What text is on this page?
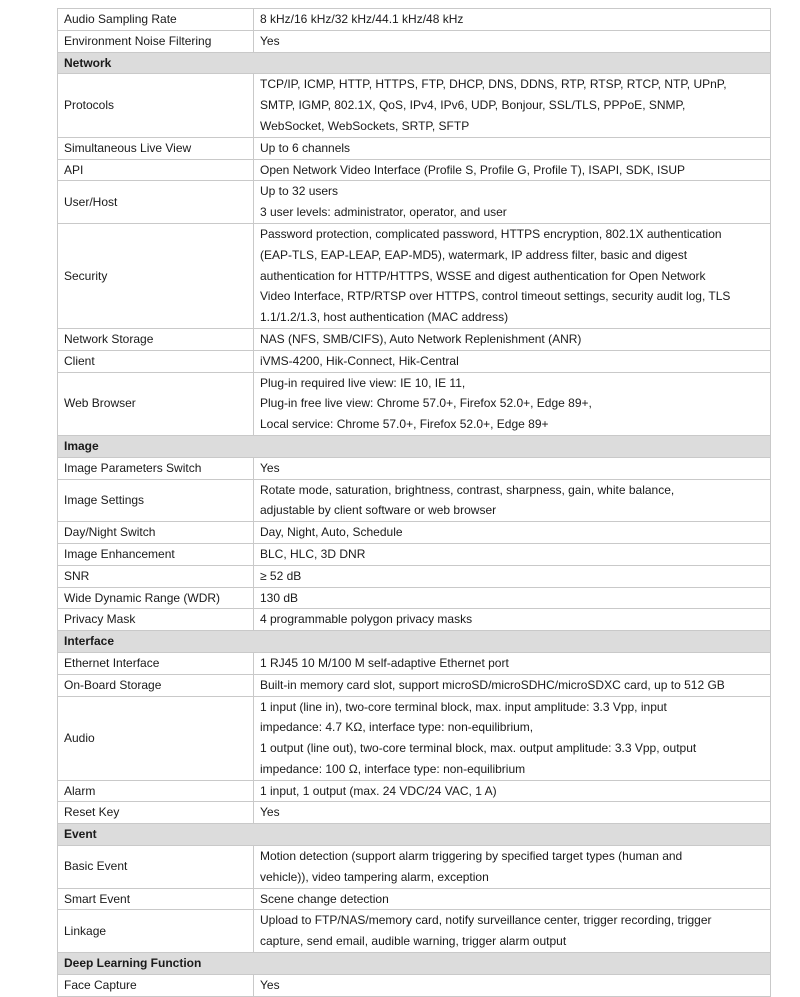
Audio Sampling Rate	8 kHz/16 kHz/32 kHz/44.1 kHz/48 kHz

Environment Noise Filtering	Yes

Network	
Protocols	TCP/IP, ICMP, HTTP, HTTPS, FTP, DHCP, DNS, DDNS, RTP, RTSP, RTCP, NTP, UPnP,
SMTP, IGMP, 802.1X, QoS, IPv4, IPv6, UDP, Bonjour, SSL/TLS, PPPoE, SNMP,
WebSocket, WebSockets, SRTP, SFTP

Simultaneous Live View	Up to 6 channels

API	Open Network Video Interface (Profile S, Profile G, Profile T), ISAPI, SDK, ISUP

User/Host	Up to 32 users
3 user levels: administrator, operator, and user

Security	Password protection, complicated password, HTTPS encryption, 802.1X authentication
(EAP-TLS, EAP-LEAP, EAP-MD5), watermark, IP address filter, basic and digest
authentication for HTTP/HTTPS, WSSE and digest authentication for Open Network
Video Interface, RTP/RTSP over HTTPS, control timeout settings, security audit log, TLS
1.1/1.2/1.3, host authentication (MAC address)

Network Storage	NAS (NFS, SMB/CIFS), Auto Network Replenishment (ANR)

Client	iVMS-4200, Hik-Connect, Hik-Central

Web Browser	Plug-in required live view: IE 10, IE 11,
Plug-in free live view: Chrome 57.0+, Firefox 52.0+, Edge 89+,
Local service: Chrome 57.0+, Firefox 52.0+, Edge 89+

Image	
Image Parameters Switch	Yes

Image Settings	Rotate mode, saturation, brightness, contrast, sharpness, gain, white balance,
adjustable by client software or web browser

Day/Night Switch	Day, Night, Auto, Schedule

Image Enhancement	BLC, HLC, 3D DNR

SNR	≥ 52 dB

Wide Dynamic Range (WDR)	130 dB

Privacy Mask	4 programmable polygon privacy masks

Interface	
Ethernet Interface	1 RJ45 10 M/100 M self-adaptive Ethernet port

On-Board Storage	Built-in memory card slot, support microSD/microSDHC/microSDXC card, up to 512 GB

Audio	1 input (line in), two-core terminal block, max. input amplitude: 3.3 Vpp, input
impedance: 4.7 KΩ, interface type: non-equilibrium,
1 output (line out), two-core terminal block, max. output amplitude: 3.3 Vpp, output
impedance: 100 Ω, interface type: non-equilibrium

Alarm	1 input, 1 output (max. 24 VDC/24 VAC, 1 A)

Reset Key	Yes

Event	
Basic Event	Motion detection (support alarm triggering by specified target types (human and
vehicle)), video tampering alarm, exception

Smart Event	Scene change detection

Linkage	Upload to FTP/NAS/memory card, notify surveillance center, trigger recording, trigger
capture, send email, audible warning, trigger alarm output

Deep Learning Function	
Face Capture	Yes
